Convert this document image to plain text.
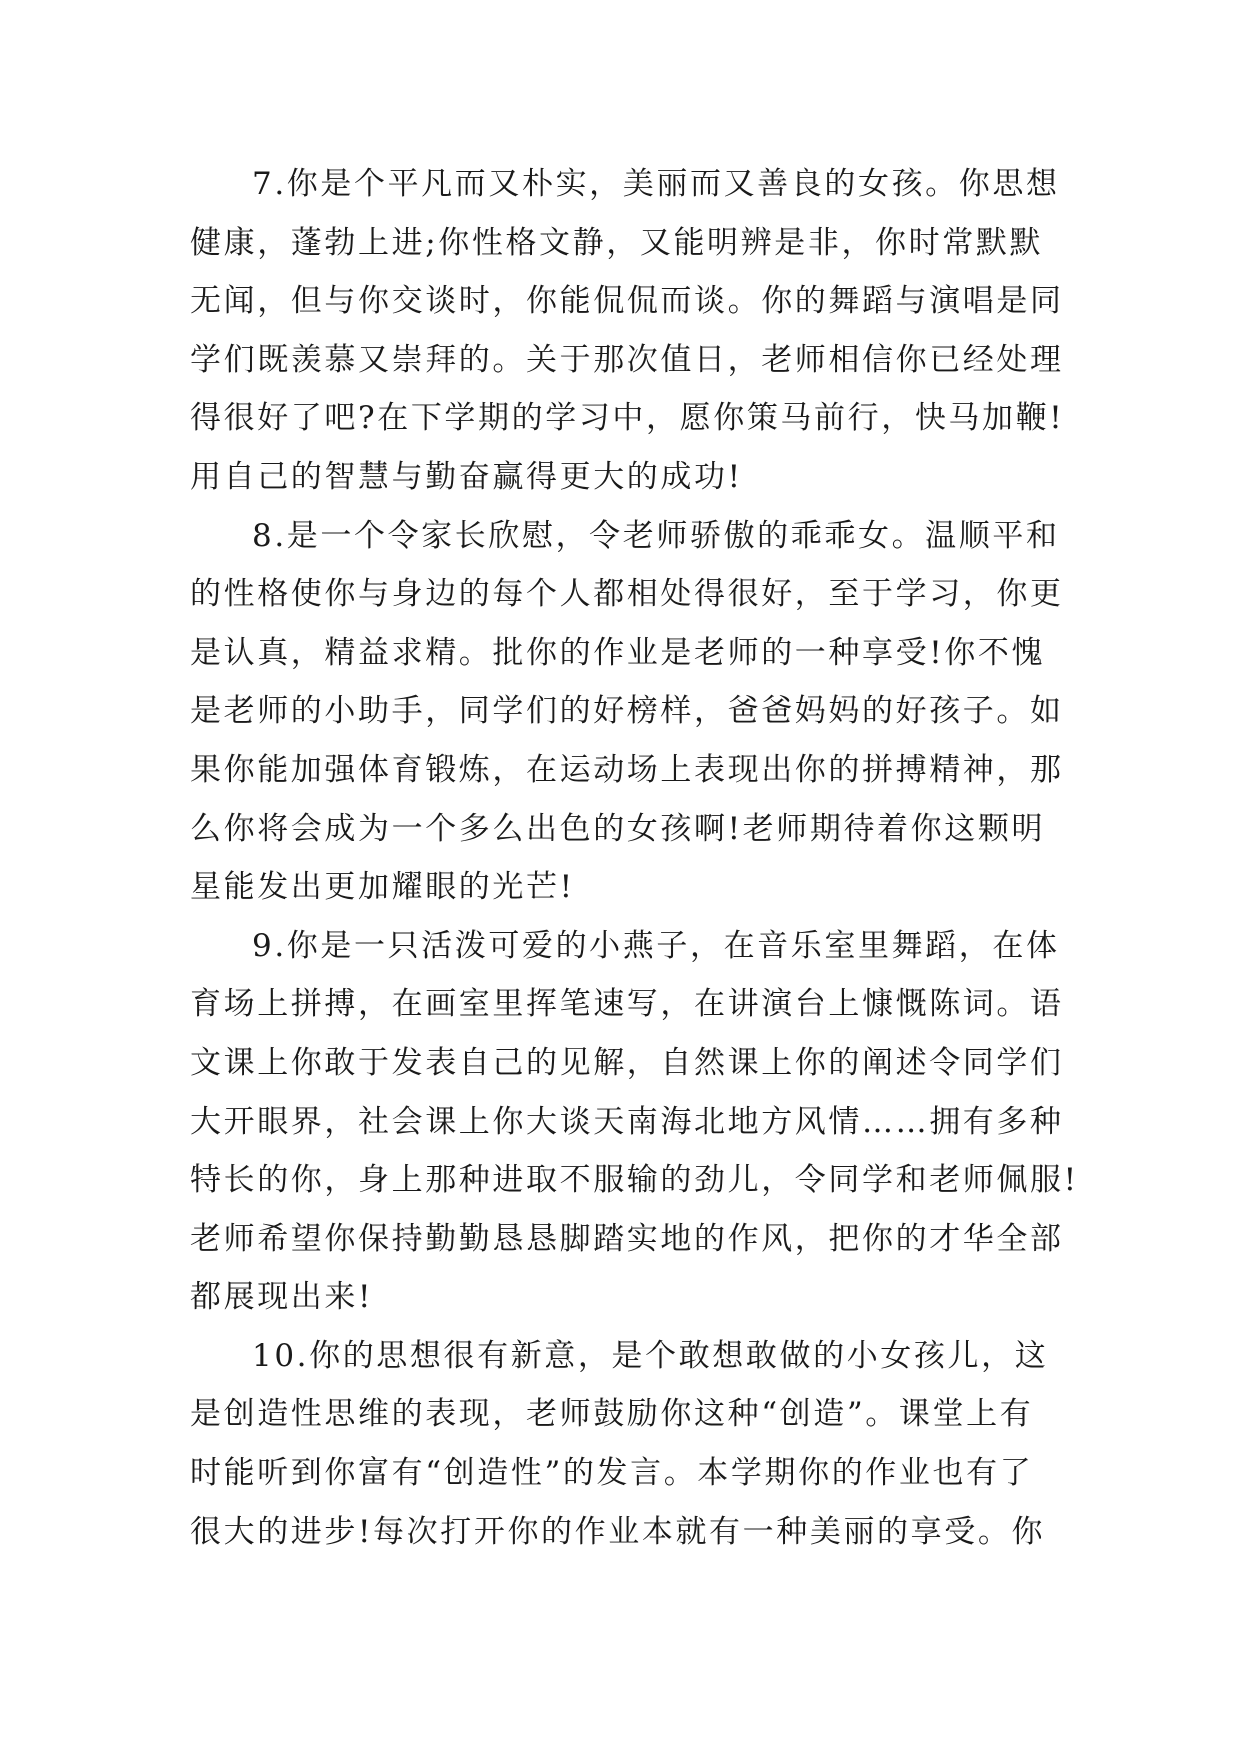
7.你是个平凡而又朴实，美丽而又善良的女孩。你思想
健康，蓬勃上进;你性格文静，又能明辨是非，你时常默默
无闻，但与你交谈时，你能侃侃而谈。你的舞蹈与演唱是同
学们既羡慕又崇拜的。关于那次值日，老师相信你已经处理
得很好了吧?在下学期的学习中，愿你策马前行，快马加鞭!
用自己的智慧与勤奋赢得更大的成功!
8.是一个令家长欣慰，令老师骄傲的乖乖女。温顺平和
的性格使你与身边的每个人都相处得很好，至于学习，你更
是认真，精益求精。批你的作业是老师的一种享受!你不愧
是老师的小助手，同学们的好榜样，爸爸妈妈的好孩子。如
果你能加强体育锻炼，在运动场上表现出你的拼搏精神，那
么你将会成为一个多么出色的女孩啊!老师期待着你这颗明
星能发出更加耀眼的光芒!
9.你是一只活泼可爱的小燕子，在音乐室里舞蹈，在体
育场上拼搏，在画室里挥笔速写，在讲演台上慷慨陈词。语
文课上你敢于发表自己的见解，自然课上你的阐述令同学们
大开眼界，社会课上你大谈天南海北地方风情……拥有多种
特长的你，身上那种进取不服输的劲儿，令同学和老师佩服!
老师希望你保持勤勤恳恳脚踏实地的作风，把你的才华全部
都展现出来!
10.你的思想很有新意，是个敢想敢做的小女孩儿，这
是创造性思维的表现，老师鼓励你这种“创造”。课堂上有
时能听到你富有“创造性”的发言。本学期你的作业也有了
很大的进步!每次打开你的作业本就有一种美丽的享受。你
